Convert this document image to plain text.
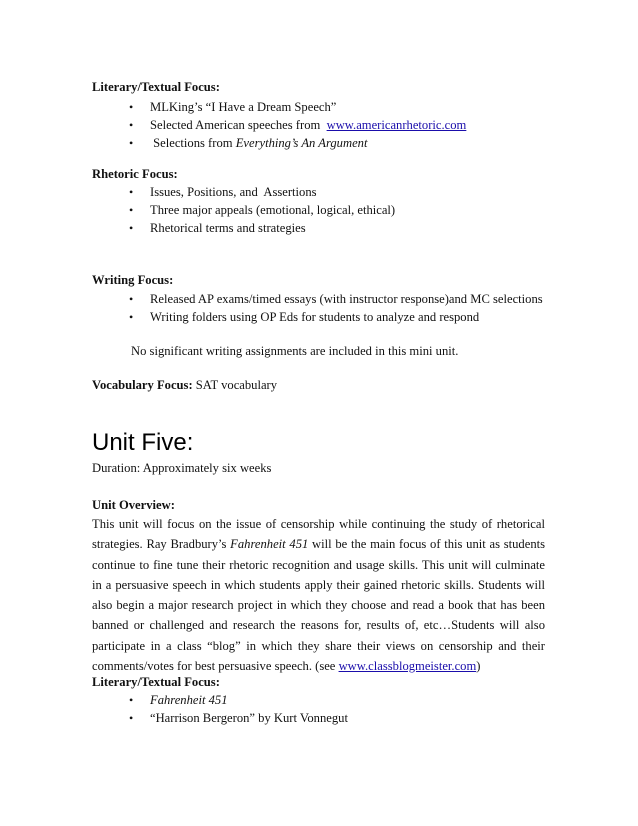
Literary/Textual Focus:
• MLKing’s “I Have a Dream Speech”
• Selected American speeches from  www.americanrhetoric.com
• Selections from Everything’s An Argument
Rhetoric Focus:
• Issues, Positions, and  Assertions
• Three major appeals (emotional, logical, ethical)
• Rhetorical terms and strategies
Writing Focus:
• Released AP exams/timed essays (with instructor response)and MC selections
• Writing folders using OP Eds for students to analyze and respond
No significant writing assignments are included in this mini unit.
Vocabulary Focus: SAT vocabulary
Unit Five:
Duration: Approximately six weeks
Unit Overview:
This unit will focus on the issue of censorship while continuing the study of rhetorical
strategies. Ray Bradbury’s Fahrenheit 451 will be the main focus of this unit as students
continue to fine tune their rhetoric recognition and usage skills. This unit will culminate
in a persuasive speech in which students apply their gained rhetoric skills. Students will
also begin a major research project in which they choose and read a book that has been
banned or challenged and research the reasons for, results of, etc…Students will also
participate in a class “blog” in which they share their views on censorship and their
comments/votes for best persuasive speech. (see www.classblogmeister.com)
Literary/Textual Focus:
• Fahrenheit 451
• “Harrison Bergeron” by Kurt Vonnegut
